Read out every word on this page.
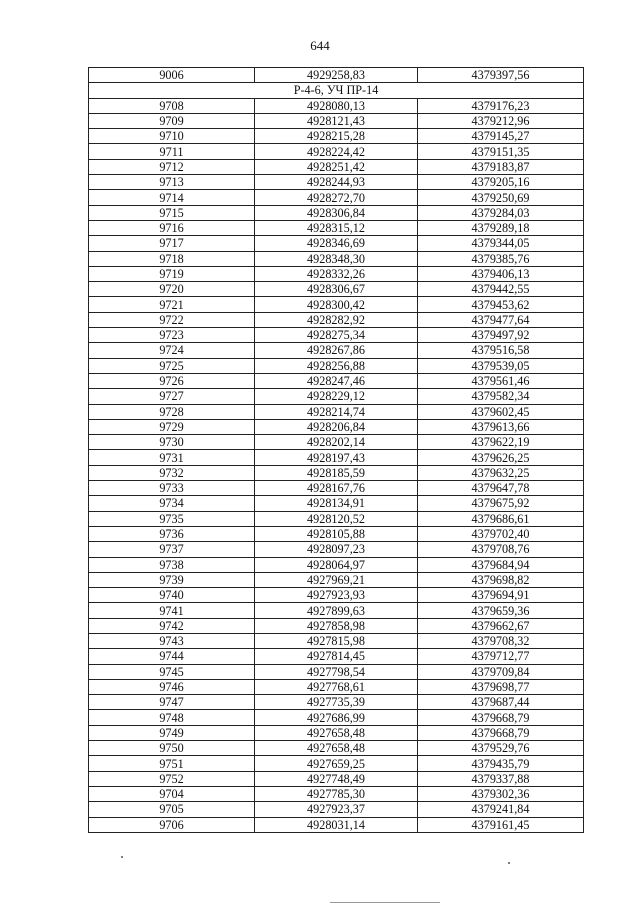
644
9006	4929258,83	4379397,56
Р-4-6, УЧ ПР-14		
9708	4928080,13	4379176,23
9709	4928121,43	4379212,96
9710	4928215,28	4379145,27
9711	4928224,42	4379151,35
9712	4928251,42	4379183,87
9713	4928244,93	4379205,16
9714	4928272,70	4379250,69
9715	4928306,84	4379284,03
9716	4928315,12	4379289,18
9717	4928346,69	4379344,05
9718	4928348,30	4379385,76
9719	4928332,26	4379406,13
9720	4928306,67	4379442,55
9721	4928300,42	4379453,62
9722	4928282,92	4379477,64
9723	4928275,34	4379497,92
9724	4928267,86	4379516,58
9725	4928256,88	4379539,05
9726	4928247,46	4379561,46
9727	4928229,12	4379582,34
9728	4928214,74	4379602,45
9729	4928206,84	4379613,66
9730	4928202,14	4379622,19
9731	4928197,43	4379626,25
9732	4928185,59	4379632,25
9733	4928167,76	4379647,78
9734	4928134,91	4379675,92
9735	4928120,52	4379686,61
9736	4928105,88	4379702,40
9737	4928097,23	4379708,76
9738	4928064,97	4379684,94
9739	4927969,21	4379698,82
9740	4927923,93	4379694,91
9741	4927899,63	4379659,36
9742	4927858,98	4379662,67
9743	4927815,98	4379708,32
9744	4927814,45	4379712,77
9745	4927798,54	4379709,84
9746	4927768,61	4379698,77
9747	4927735,39	4379687,44
9748	4927686,99	4379668,79
9749	4927658,48	4379668,79
9750	4927658,48	4379529,76
9751	4927659,25	4379435,79
9752	4927748,49	4379337,88
9704	4927785,30	4379302,36
9705	4927923,37	4379241,84
9706	4928031,14	4379161,45
